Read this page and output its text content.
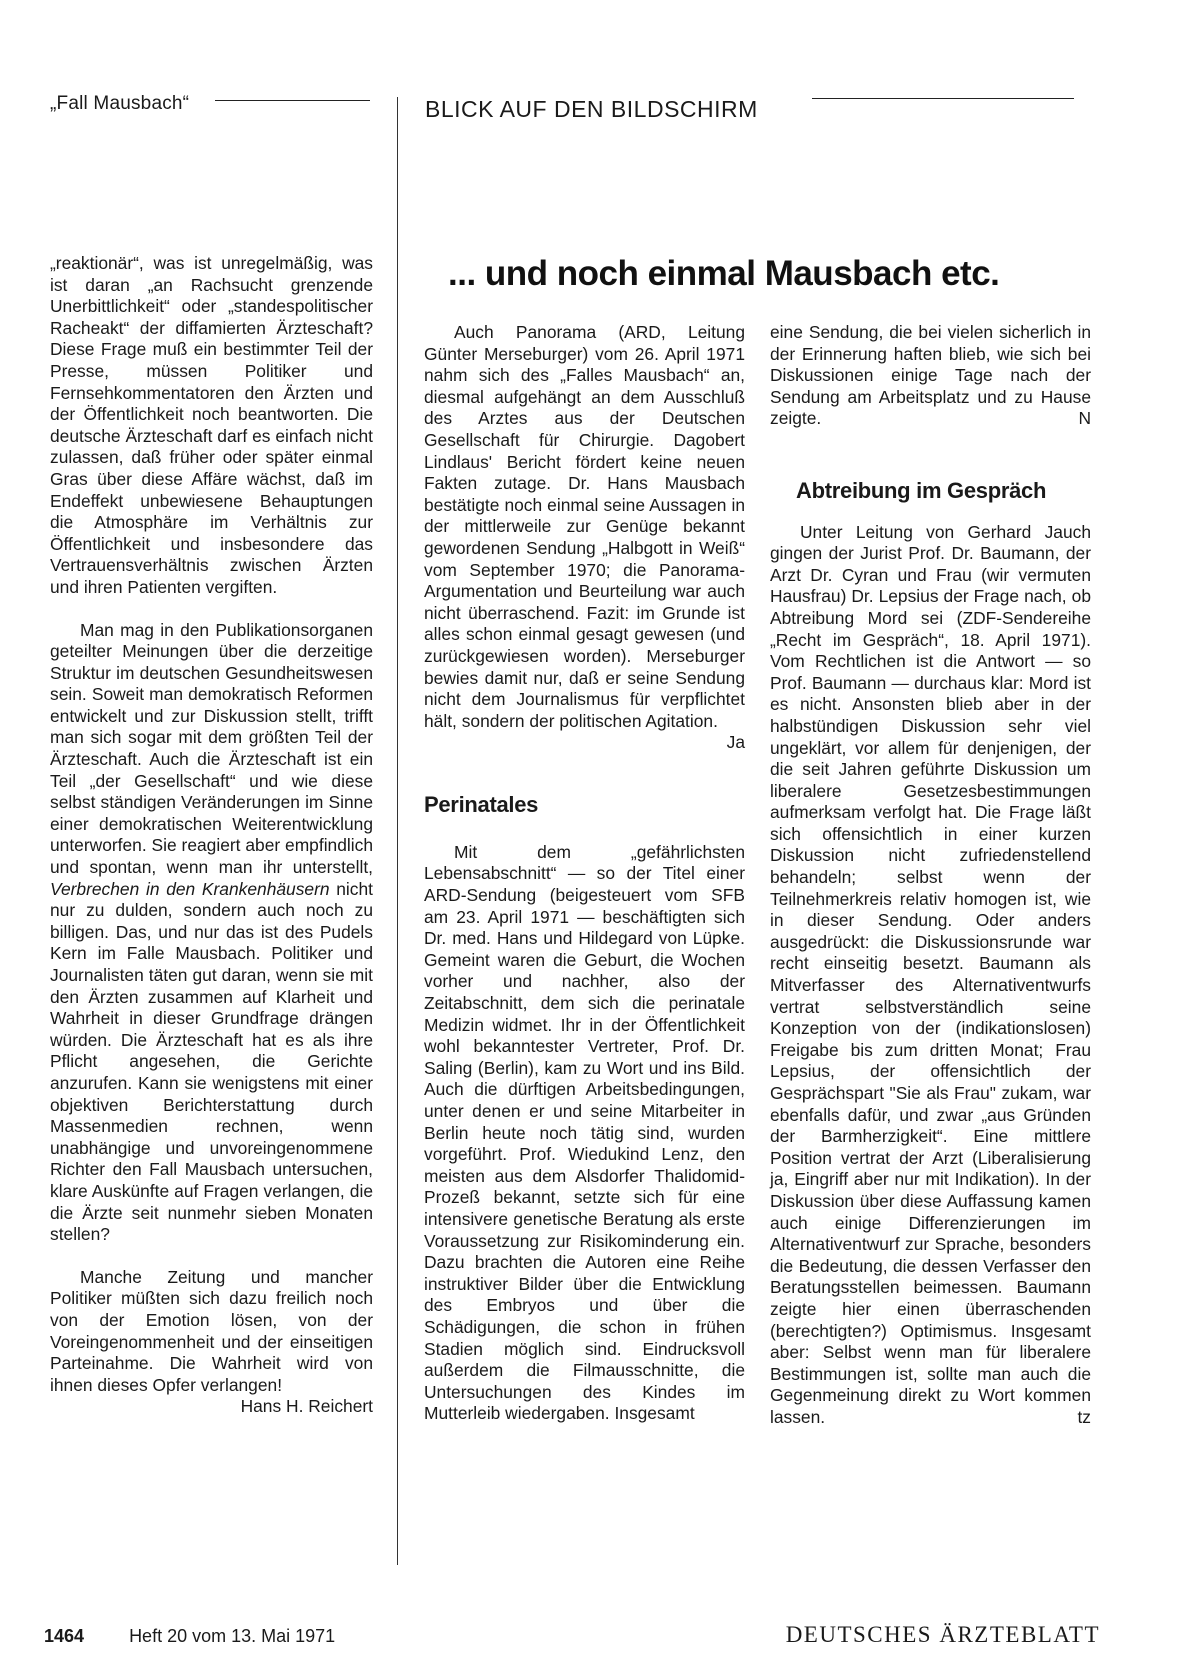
„Fall Mausbach“	BLICK AUF DEN BILDSCHIRM

„reaktionär“, was ist unregelmäßig, was ist daran „an Rachsucht grenzende Unerbittlichkeit“ oder „standespolitischer Racheakt“ der diffamierten Ärzteschaft? Diese Frage muß ein bestimmter Teil der Presse, müssen Politiker und Fernsehkommentatoren den Ärzten und der Öffentlichkeit noch beantworten. Die deutsche Ärzteschaft darf es einfach nicht zulassen, daß früher oder später einmal Gras über diese Affäre wächst, daß im Endeffekt unbewiesene Behauptungen die Atmosphäre im Verhältnis zur Öffentlichkeit und insbesondere das Vertrauensverhältnis zwischen Ärzten und ihren Patienten vergiften.

Man mag in den Publikationsorganen geteilter Meinungen über die derzeitige Struktur im deutschen Gesundheitswesen sein. Soweit man demokratisch Reformen entwickelt und zur Diskussion stellt, trifft man sich sogar mit dem größten Teil der Ärzteschaft. Auch die Ärzteschaft ist ein Teil „der Gesellschaft“ und wie diese selbst ständigen Veränderungen im Sinne einer demokratischen Weiterentwicklung unterworfen. Sie reagiert aber empfindlich und spontan, wenn man ihr unterstellt, Verbrechen in den Krankenhäusern nicht nur zu dulden, sondern auch noch zu billigen. Das, und nur das ist des Pudels Kern im Falle Mausbach. Politiker und Journalisten täten gut daran, wenn sie mit den Ärzten zusammen auf Klarheit und Wahrheit in dieser Grundfrage drängen würden. Die Ärzteschaft hat es als ihre Pflicht angesehen, die Gerichte anzurufen. Kann sie wenigstens mit einer objektiven Berichterstattung durch Massenmedien rechnen, wenn unabhängige und unvoreingenommene Richter den Fall Mausbach untersuchen, klare Auskünfte auf Fragen verlangen, die die Ärzte seit nunmehr sieben Monaten stellen?

Manche Zeitung und mancher Politiker müßten sich dazu freilich noch von der Emotion lösen, von der Voreingenommenheit und der einseitigen Parteinahme. Die Wahrheit wird von ihnen dieses Opfer verlangen!
Hans H. Reichert

... und noch einmal Mausbach etc.

Auch Panorama (ARD, Leitung Günter Merseburger) vom 26. April 1971 nahm sich des „Falles Mausbach“ an, diesmal aufgehängt an dem Ausschluß des Arztes aus der Deutschen Gesellschaft für Chirurgie. Dagobert Lindlaus' Bericht fördert keine neuen Fakten zutage. Dr. Hans Mausbach bestätigte noch einmal seine Aussagen in der mittlerweile zur Genüge bekannt gewordenen Sendung „Halbgott in Weiß“ vom September 1970; die Panorama-Argumentation und Beurteilung war auch nicht überraschend. Fazit: im Grunde ist alles schon einmal gesagt gewesen (und zurückgewiesen worden). Merseburger bewies damit nur, daß er seine Sendung nicht dem Journalismus für verpflichtet hält, sondern der politischen Agitation.
Ja

Perinatales

Mit dem „gefährlichsten Lebensabschnitt“ — so der Titel einer ARD-Sendung (beigesteuert vom SFB am 23. April 1971 — beschäftigten sich Dr. med. Hans und Hildegard von Lüpke. Gemeint waren die Geburt, die Wochen vorher und nachher, also der Zeitabschnitt, dem sich die perinatale Medizin widmet. Ihr in der Öffentlichkeit wohl bekanntester Vertreter, Prof. Dr. Saling (Berlin), kam zu Wort und ins Bild. Auch die dürftigen Arbeitsbedingungen, unter denen er und seine Mitarbeiter in Berlin heute noch tätig sind, wurden vorgeführt. Prof. Wiedukind Lenz, den meisten aus dem Alsdorfer Thalidomid-Prozeß bekannt, setzte sich für eine intensivere genetische Beratung als erste Voraussetzung zur Risikominderung ein. Dazu brachten die Autoren eine Reihe instruktiver Bilder über die Entwicklung des Embryos und über die Schädigungen, die schon in frühen Stadien möglich sind. Eindrucksvoll außerdem die Filmausschnitte, die Untersuchungen des Kindes im Mutterleib wiedergaben. Insgesamt

eine Sendung, die bei vielen sicherlich in der Erinnerung haften blieb, wie sich bei Diskussionen einige Tage nach der Sendung am Arbeitsplatz und zu Hause zeigte.	N

Abtreibung im Gespräch

Unter Leitung von Gerhard Jauch gingen der Jurist Prof. Dr. Baumann, der Arzt Dr. Cyran und Frau (wir vermuten Hausfrau) Dr. Lepsius der Frage nach, ob Abtreibung Mord sei (ZDF-Sendereihe „Recht im Gespräch“, 18. April 1971). Vom Rechtlichen ist die Antwort — so Prof. Baumann — durchaus klar: Mord ist es nicht. Ansonsten blieb aber in der halbstündigen Diskussion sehr viel ungeklärt, vor allem für denjenigen, der die seit Jahren geführte Diskussion um liberalere Gesetzesbestimmungen aufmerksam verfolgt hat. Die Frage läßt sich offensichtlich in einer kurzen Diskussion nicht zufriedenstellend behandeln; selbst wenn der Teilnehmerkreis relativ homogen ist, wie in dieser Sendung. Oder anders ausgedrückt: die Diskussionsrunde war recht einseitig besetzt. Baumann als Mitverfasser des Alternativentwurfs vertrat selbstverständlich seine Konzeption von der (indikationslosen) Freigabe bis zum dritten Monat; Frau Lepsius, der offensichtlich der Gesprächspart "Sie als Frau" zukam, war ebenfalls dafür, und zwar „aus Gründen der Barmherzigkeit“. Eine mittlere Position vertrat der Arzt (Liberalisierung ja, Eingriff aber nur mit Indikation). In der Diskussion über diese Auffassung kamen auch einige Differenzierungen im Alternativentwurf zur Sprache, besonders die Bedeutung, die dessen Verfasser den Beratungsstellen beimessen. Baumann zeigte hier einen überraschenden (berechtigten?) Optimismus. Insgesamt aber: Selbst wenn man für liberalere Bestimmungen ist, sollte man auch die Gegenmeinung direkt zu Wort kommen lassen.	tz

1464	Heft 20 vom 13. Mai 1971	DEUTSCHES ÄRZTEBLATT
